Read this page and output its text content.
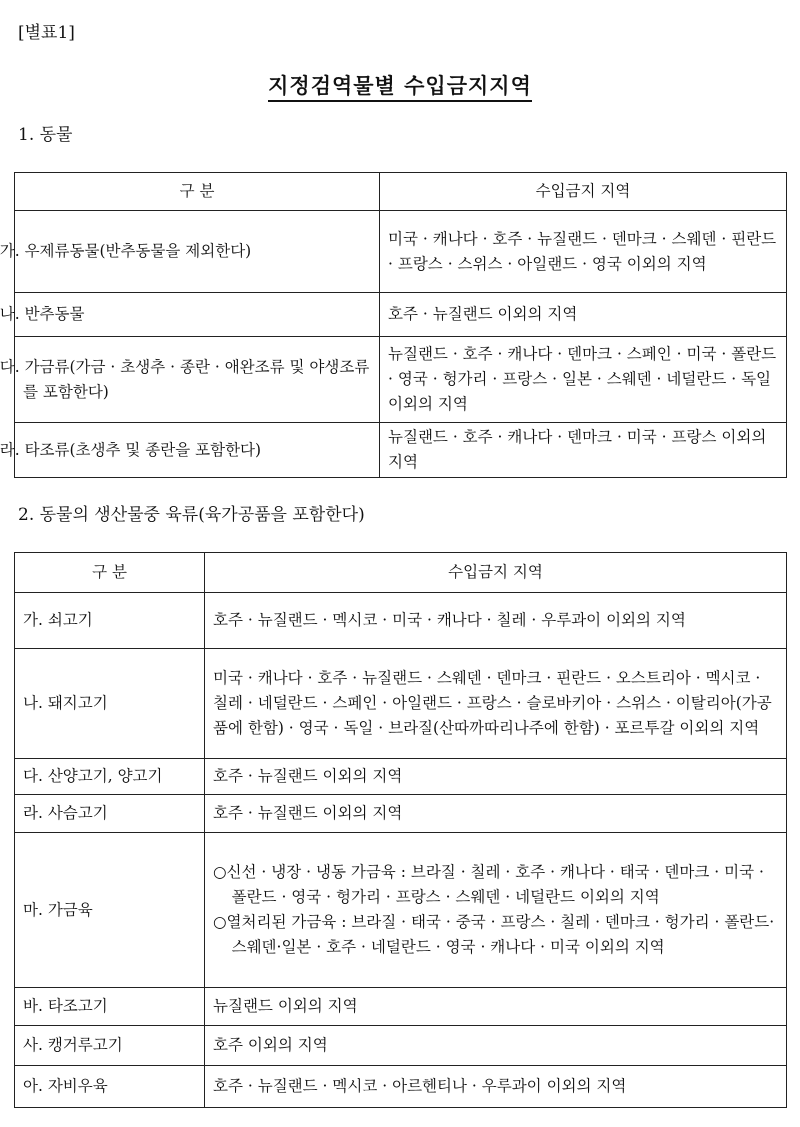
[별표1]
지정검역물별 수입금지지역
1. 동물
구 분	수입금지 지역
가. 우제류동물(반추동물을 제외한다)	미국 · 캐나다 · 호주 · 뉴질랜드 · 덴마크 · 스웨덴 · 핀란드 · 프랑스 · 스위스 · 아일랜드 · 영국 이외의 지역
나. 반추동물	호주 · 뉴질랜드 이외의 지역
다. 가금류(가금 · 초생추 · 종란 · 애완조류 및 야생조류를 포함한다)	뉴질랜드 · 호주 · 캐나다 · 덴마크 · 스페인 · 미국 · 폴란드 · 영국 · 헝가리 · 프랑스 · 일본 · 스웨덴 · 네덜란드 · 독일 이외의 지역
라. 타조류(초생추 및 종란을 포함한다)	뉴질랜드 · 호주 · 캐나다 · 덴마크 · 미국 · 프랑스 이외의 지역
2. 동물의 생산물중 육류(육가공품을 포함한다)
구 분	수입금지 지역
가. 쇠고기	호주 · 뉴질랜드 · 멕시코 · 미국 · 캐나다 · 칠레 · 우루과이 이외의 지역
나. 돼지고기	미국 · 캐나다 · 호주 · 뉴질랜드 · 스웨덴 · 덴마크 · 핀란드 · 오스트리아 · 멕시코 · 칠레 · 네덜란드 · 스페인 · 아일랜드 · 프랑스 · 슬로바키아 · 스위스 · 이탈리아(가공품에 한함) · 영국 · 독일 · 브라질(산따까따리나주에 한함) · 포르투갈 이외의 지역
다. 산양고기, 양고기	호주 · 뉴질랜드 이외의 지역
라. 사슴고기	호주 · 뉴질랜드 이외의 지역
마. 가금육	○신선 · 냉장 · 냉동 가금육 : 브라질 · 칠레 · 호주 · 캐나다 · 태국 · 덴마크 · 미국 · 폴란드 · 영국 · 헝가리 · 프랑스 · 스웨덴 · 네덜란드 이외의 지역
○열처리된 가금육 : 브라질 · 태국 · 중국 · 프랑스 · 칠레 · 덴마크 · 헝가리 · 폴란드·스웨덴·일본 · 호주 · 네덜란드 · 영국 · 캐나다 · 미국 이외의 지역

바. 타조고기	뉴질랜드 이외의 지역
사. 캥거루고기	호주 이외의 지역
아. 자비우육	호주 · 뉴질랜드 · 멕시코 · 아르헨티나 · 우루과이 이외의 지역
